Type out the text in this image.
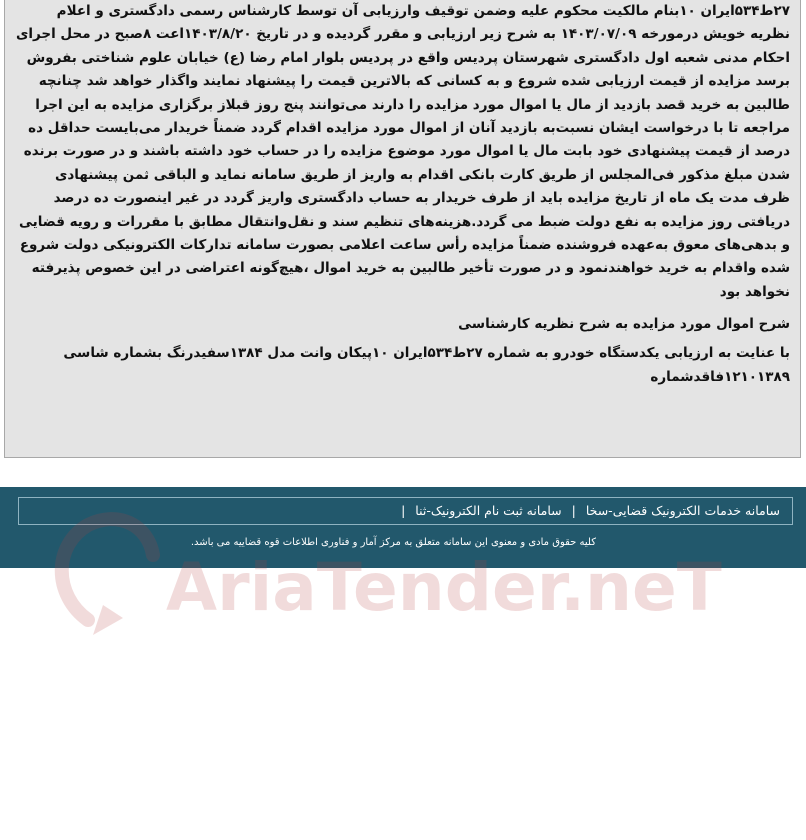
۲۷ط۵۳۴ایران ۱۰بنام مالکیت محکوم علیه وضمن توقیف وارزیابی آن توسط کارشناس رسمی دادگستری و اعلام نظریه خویش درمورخه ۱۴۰۳/۰۷/۰۹ به شرح زیر ارزیابی و مقرر گردیده و در تاریخ ۱۴۰۳/۸/۲۰اعت ۸صبح در محل اجرای احکام مدنی شعبه اول دادگستری شهرستان پردیس واقع در پردیس بلوار امام رضا (ع) خیابان علوم شناختی بفروش برسد مزایده از قیمت ارزیابی شده شروع و به کسانی که بالاترین قیمت را پیشنهاد نمایند واگذار خواهد شد چنانچه طالبین به خرید قصد بازدید از مال یا اموال مورد مزایده را دارند می‌توانند پنج روز قبلاز برگزاری مزایده به این اجرا مراجعه تا با درخواست ایشان نسبت‌به بازدید آنان از اموال مورد مزایده اقدام گردد ضمناً خریدار می‌بایست حداقل ده درصد از قیمت پیشنهادی خود بابت مال یا اموال مورد موضوع مزایده را در حساب خود داشته باشند و در صورت برنده شدن مبلغ مذکور فی‌المجلس از طریق کارت بانکی اقدام به واریز از طریق سامانه نماید و الباقی ثمن پیشنهادی ظرف مدت یک ماه از تاریخ مزایده باید از طرف خریدار به حساب دادگستری واریز گردد در غیر اینصورت ده درصد دریافتی روز مزایده به نفع دولت ضبط می گردد.هزینه‌های تنظیم سند و نقل‌وانتقال مطابق با مقررات و رویه قضایی و بدهی‌های معوق به‌عهده فروشنده ضمناً مزایده رأس ساعت اعلامی بصورت سامانه تدارکات الکترونیکی دولت شروع شده واقدام به خرید خواهندنمود و در صورت تأخیر طالبین به خرید اموال ،هیچ‌گونه اعتراضی در این خصوص پذیرفته نخواهد بود

شرح اموال مورد مزایده به شرح نظریه کارشناسی

با عنایت به ارزیابی یکدستگاه خودرو به شماره ۲۷ط۵۳۴ایران ۱۰پیکان وانت مدل ۱۳۸۴سفیدرنگ بشماره شاسی ۱۲۱۰۱۳۸۹فاقدشماره

سامانه خدمات الکترونیک قضایی-سخا | سامانه ثبت نام الکترونیک-ثنا |
کلیه حقوق مادی و معنوی این سامانه متعلق به مرکز آمار و فناوری اطلاعات قوه قضاییه می باشد.
AriaTender.neT
